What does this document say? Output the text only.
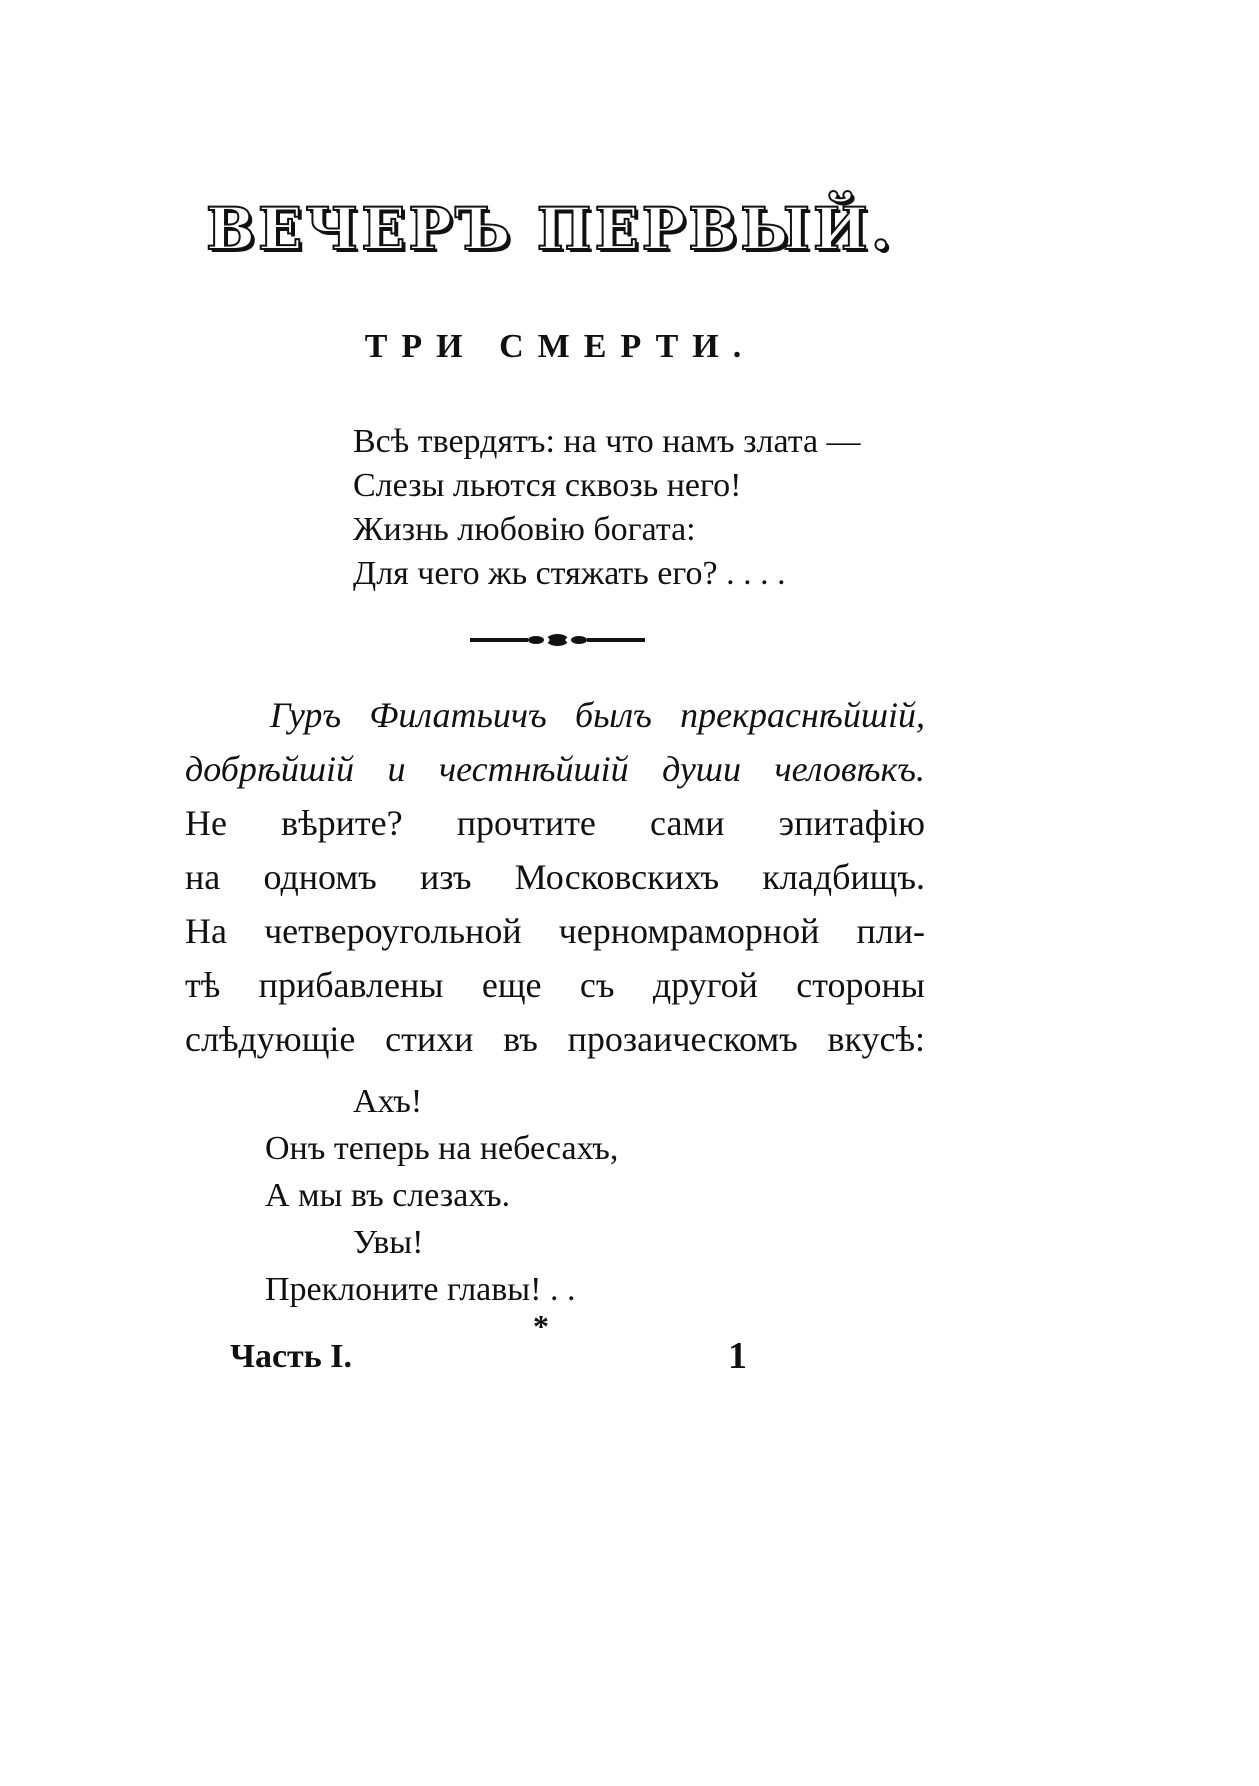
ВЕЧЕРЪ ПЕРВЫЙ.
ТРИ СМЕРТИ.
Всѣ твердятъ: на что намъ злата —
Слезы льются сквозь него!
Жизнь любовію богата:
Для чего жь стяжать его? . . . .
Гуръ Филатьичъ былъ прекраснѣйшій,
добрѣйшій и честнѣйшій души человѣкъ.
Не вѣрите? прочтите сами эпитафію
на одномъ изъ Московскихъ кладбищъ.
На четвероугольной черномраморной пли-
тѣ прибавлены еще съ другой стороны
слѣдующіе стихи въ прозаическомъ вкусѣ:
Ахъ!
Онъ теперь на небесахъ,
А мы въ слезахъ.
Увы!
Преклоните главы! . .
*
Часть I.	1
